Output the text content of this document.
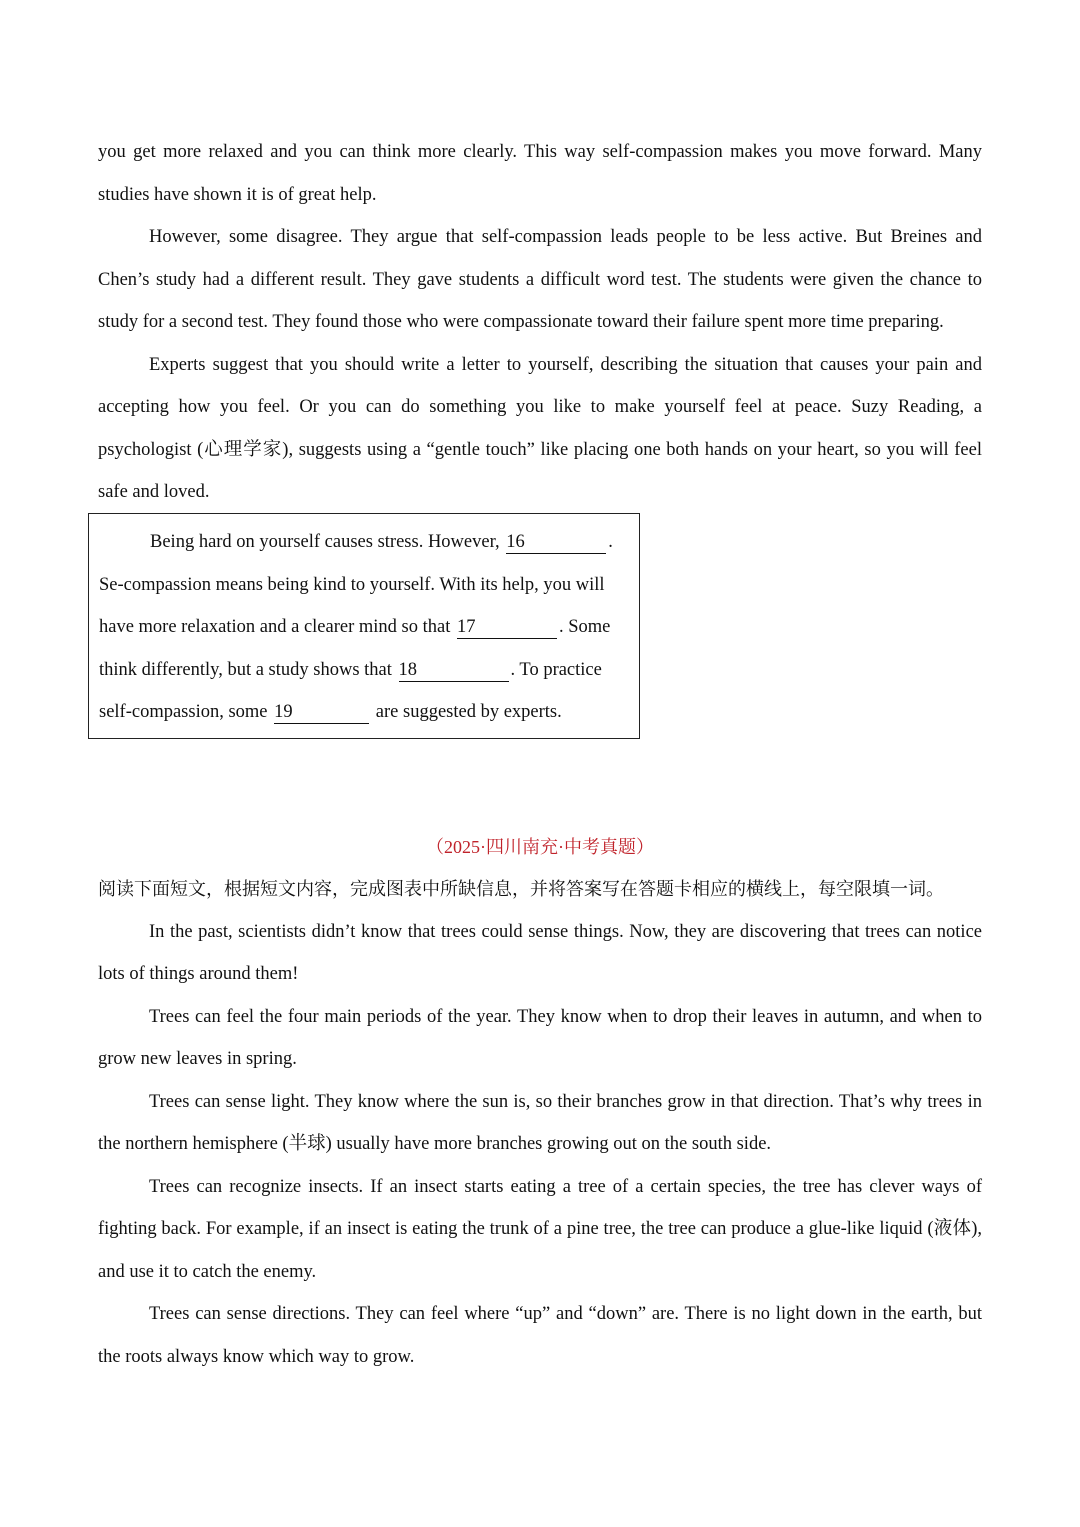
you get more relaxed and you can think more clearly. This way self-compassion makes you move forward. Many studies have shown it is of great help.

However, some disagree. They argue that self-compassion leads people to be less active. But Breines and Chen’s study had a different result. They gave students a difficult word test. The students were given the chance to study for a second test. They found those who were compassionate toward their failure spent more time preparing.

Experts suggest that you should write a letter to yourself, describing the situation that causes your pain and accepting how you feel. Or you can do something you like to make yourself feel at peace. Suzy Reading, a psychologist (心理学家), suggests using a “gentle touch” like placing one both hands on your heart, so you will feel safe and loved.

Being hard on yourself causes stress. However, 16	.
Se-compassion means being kind to yourself. With its help, you will
have more relaxation and a clearer mind so that 17	. Some
think differently, but a study shows that 18	. To practice
self-compassion, some 19	are suggested by experts.

（2025·四川南充·中考真题）

阅读下面短文，根据短文内容，完成图表中所缺信息，并将答案写在答题卡相应的横线上，每空限填一词。

In the past, scientists didn’t know that trees could sense things. Now, they are discovering that trees can notice lots of things around them!

Trees can feel the four main periods of the year. They know when to drop their leaves in autumn, and when to grow new leaves in spring.

Trees can sense light. They know where the sun is, so their branches grow in that direction. That’s why trees in the northern hemisphere (半球) usually have more branches growing out on the south side.

Trees can recognize insects. If an insect starts eating a tree of a certain species, the tree has clever ways of fighting back. For example, if an insect is eating the trunk of a pine tree, the tree can produce a glue-like liquid (液体), and use it to catch the enemy.

Trees can sense directions. They can feel where “up” and “down” are. There is no light down in the earth, but the roots always know which way to grow.
